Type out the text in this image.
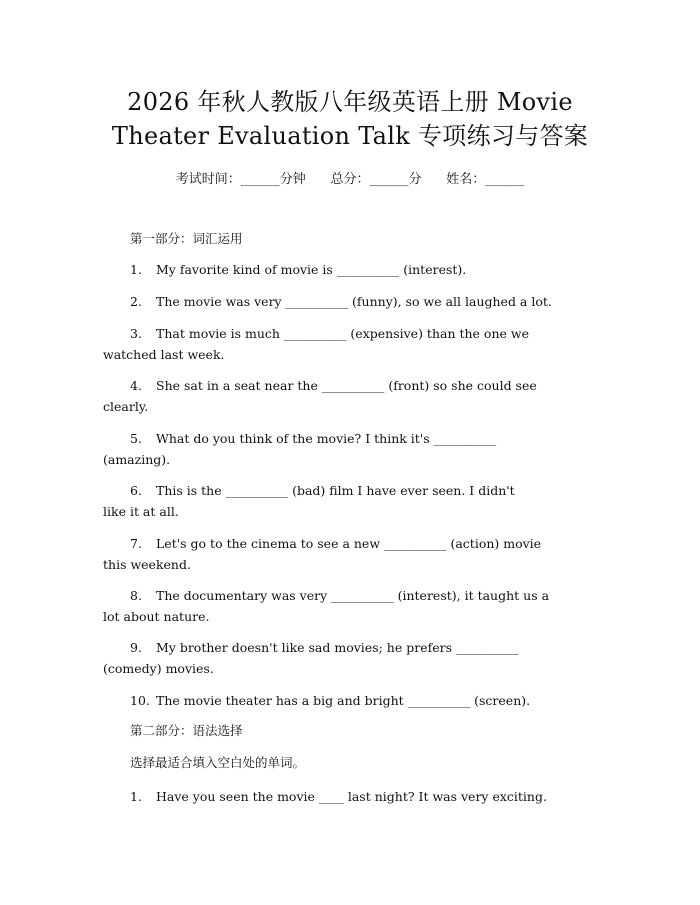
2026 年秋人教版八年级英语上册 Movie
Theater Evaluation Talk 专项练习与答案
考试时间：______分钟      总分：______分      姓名：______
第一部分：词汇运用
1. My favorite kind of movie is __________ (interest).
2. The movie was very __________ (funny), so we all laughed a lot.
3. That movie is much __________ (expensive) than the one we
watched last week.
4. She sat in a seat near the __________ (front) so she could see
clearly.
5. What do you think of the movie? I think it's __________
(amazing).
6. This is the __________ (bad) film I have ever seen. I didn't
like it at all.
7. Let's go to the cinema to see a new __________ (action) movie
this weekend.
8. The documentary was very __________ (interest), it taught us a
lot about nature.
9. My brother doesn't like sad movies; he prefers __________
(comedy) movies.
10. The movie theater has a big and bright __________ (screen).
第二部分：语法选择
选择最适合填入空白处的单词。
1. Have you seen the movie ____ last night? It was very exciting.
